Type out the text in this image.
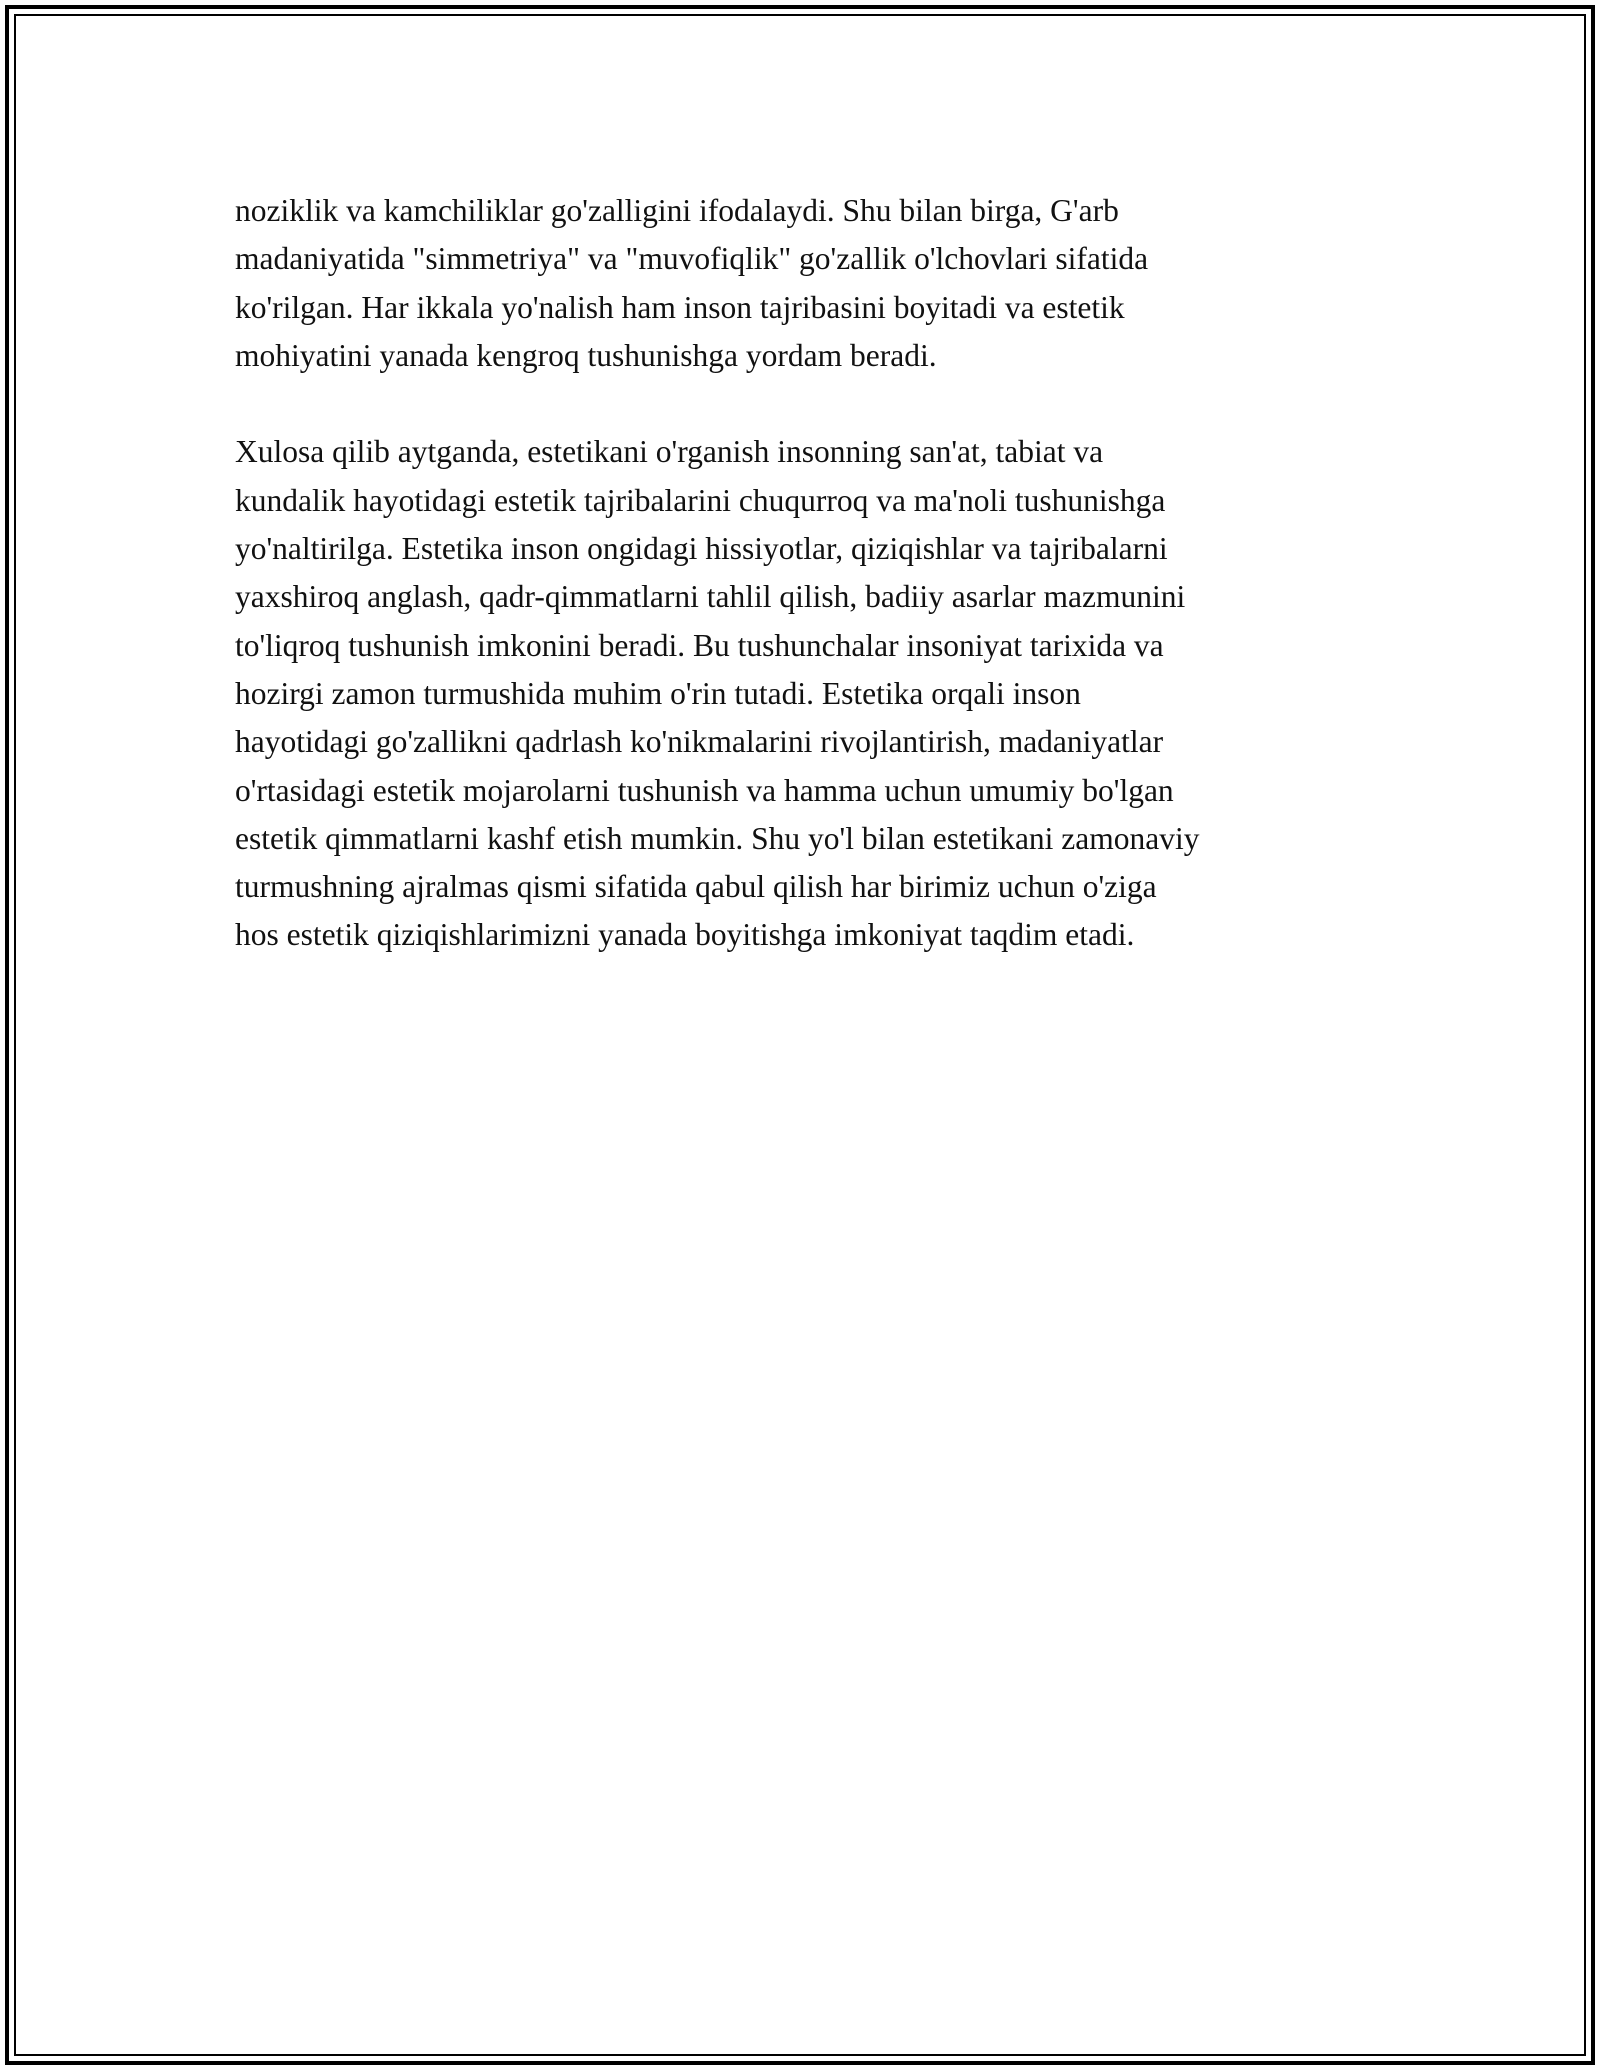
noziklik va kamchiliklar go'zalligini ifodalaydi. Shu bilan birga, G'arb
madaniyatida "simmetriya" va "muvofiqlik" go'zallik o'lchovlari sifatida
ko'rilgan. Har ikkala yo'nalish ham inson tajribasini boyitadi va estetik
mohiyatini yanada kengroq tushunishga yordam beradi.

Xulosa qilib aytganda, estetikani o'rganish insonning san'at, tabiat va
kundalik hayotidagi estetik tajribalarini chuqurroq va ma'noli tushunishga
yo'naltirilga. Estetika inson ongidagi hissiyotlar, qiziqishlar va tajribalarni
yaxshiroq anglash, qadr-qimmatlarni tahlil qilish, badiiy asarlar mazmunini
to'liqroq tushunish imkonini beradi. Bu tushunchalar insoniyat tarixida va
hozirgi zamon turmushida muhim o'rin tutadi. Estetika orqali inson
hayotidagi go'zallikni qadrlash ko'nikmalarini rivojlantirish, madaniyatlar
o'rtasidagi estetik mojarolarni tushunish va hamma uchun umumiy bo'lgan
estetik qimmatlarni kashf etish mumkin. Shu yo'l bilan estetikani zamonaviy
turmushning ajralmas qismi sifatida qabul qilish har birimiz uchun o'ziga
hos estetik qiziqishlarimizni yanada boyitishga imkoniyat taqdim etadi.
